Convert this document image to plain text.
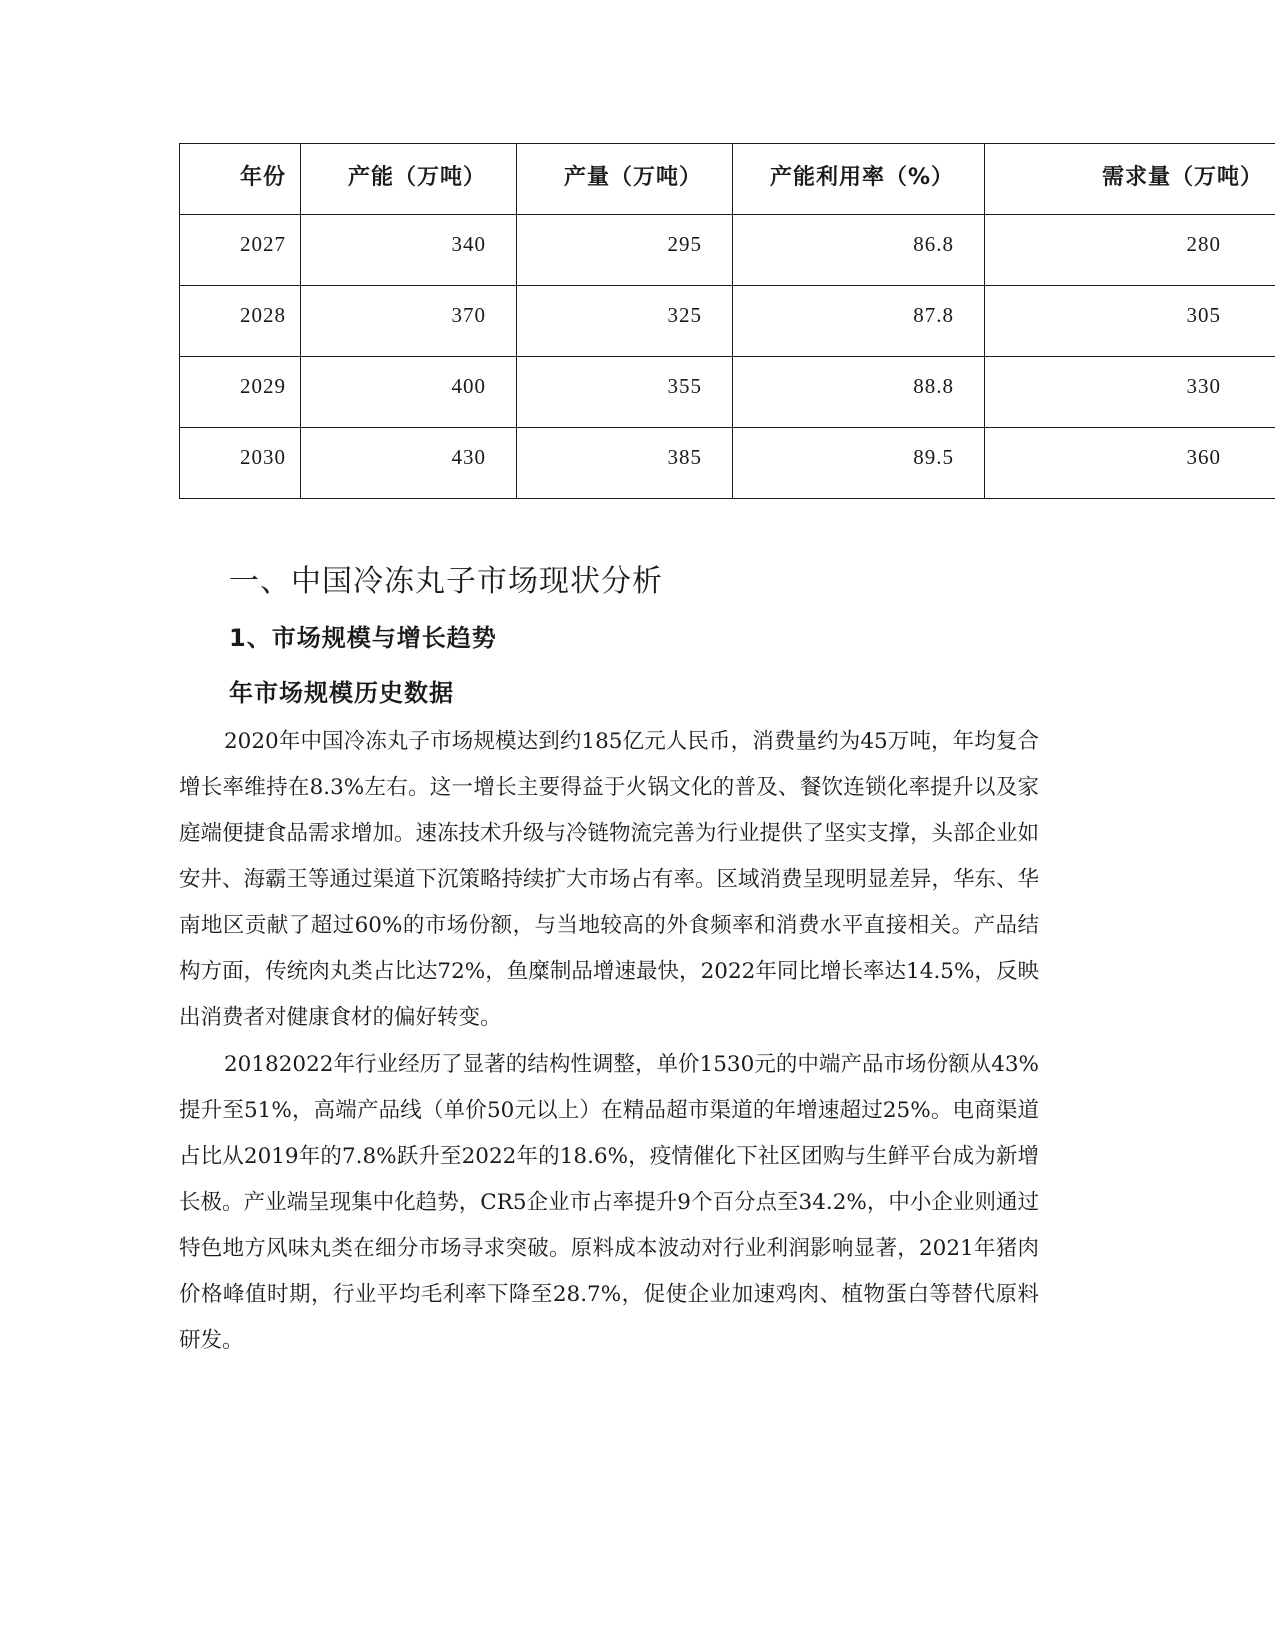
年份	产能（万吨）	产量（万吨）	产能利用率（%）	需求量（万吨）
2027	340	295	86.8	280
2028	370	325	87.8	305
2029	400	355	88.8	330
2030	430	385	89.5	360
一、中国冷冻丸子市场现状分析
1、市场规模与增长趋势
年市场规模历史数据

2020年中国冷冻丸子市场规模达到约185亿元人民币，消费量约为45万吨，年均复合增长率维持在8.3%左右。这一增长主要得益于火锅文化的普及、餐饮连锁化率提升以及家庭端便捷食品需求增加。速冻技术升级与冷链物流完善为行业提供了坚实支撑，头部企业如安井、海霸王等通过渠道下沉策略持续扩大市场占有率。区域消费呈现明显差异，华东、华南地区贡献了超过60%的市场份额，与当地较高的外食频率和消费水平直接相关。产品结构方面，传统肉丸类占比达72%，鱼糜制品增速最快，2022年同比增长率达14.5%，反映出消费者对健康食材的偏好转变。

20182022年行业经历了显著的结构性调整，单价1530元的中端产品市场份额从43%提升至51%，高端产品线（单价50元以上）在精品超市渠道的年增速超过25%。电商渠道占比从2019年的7.8%跃升至2022年的18.6%，疫情催化下社区团购与生鲜平台成为新增长极。产业端呈现集中化趋势，CR5企业市占率提升9个百分点至34.2%，中小企业则通过特色地方风味丸类在细分市场寻求突破。原料成本波动对行业利润影响显著，2021年猪肉价格峰值时期，行业平均毛利率下降至28.7%，促使企业加速鸡肉、植物蛋白等替代原料研发。
